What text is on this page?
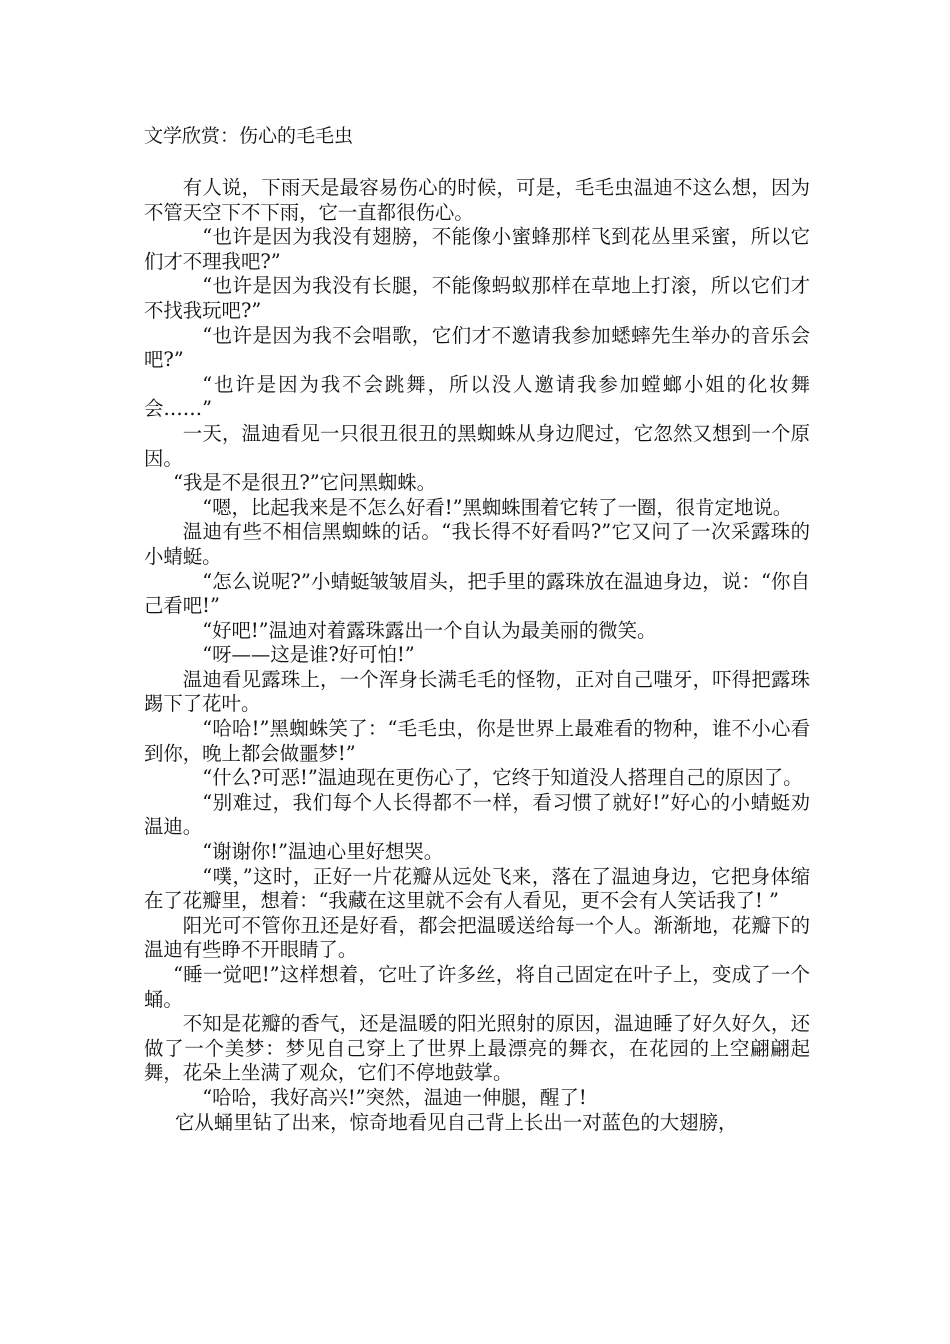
文学欣赏：伤心的毛毛虫

有人说，下雨天是最容易伤心的时候，可是，毛毛虫温迪不这么想，因为不管天空下不下雨，它一直都很伤心。

“也许是因为我没有翅膀，不能像小蜜蜂那样飞到花丛里采蜜，所以它们才不理我吧?”

“也许是因为我没有长腿，不能像蚂蚁那样在草地上打滚，所以它们才不找我玩吧?”

“也许是因为我不会唱歌，它们才不邀请我参加蟋蟀先生举办的音乐会吧?”

“也许是因为我不会跳舞，所以没人邀请我参加螳螂小姐的化妆舞会……”

一天，温迪看见一只很丑很丑的黑蜘蛛从身边爬过，它忽然又想到一个原因。

“我是不是很丑?”它问黑蜘蛛。

“嗯，比起我来是不怎么好看!”黑蜘蛛围着它转了一圈，很肯定地说。

温迪有些不相信黑蜘蛛的话。“我长得不好看吗?”它又问了一次采露珠的小蜻蜓。

“怎么说呢?”小蜻蜓皱皱眉头，把手里的露珠放在温迪身边，说：“你自己看吧!”

“好吧!”温迪对着露珠露出一个自认为最美丽的微笑。

“呀——这是谁?好可怕!”

温迪看见露珠上，一个浑身长满毛毛的怪物，正对自己嗤牙，吓得把露珠踢下了花叶。

“哈哈!”黑蜘蛛笑了：“毛毛虫，你是世界上最难看的物种，谁不小心看到你，晚上都会做噩梦!”

“什么?可恶!”温迪现在更伤心了，它终于知道没人搭理自己的原因了。

“别难过，我们每个人长得都不一样，看习惯了就好!”好心的小蜻蜓劝温迪。

“谢谢你!”温迪心里好想哭。

“噗，”这时，正好一片花瓣从远处飞来，落在了温迪身边，它把身体缩在了花瓣里，想着：“我藏在这里就不会有人看见，更不会有人笑话我了! ”

阳光可不管你丑还是好看，都会把温暖送给每一个人。渐渐地，花瓣下的温迪有些睁不开眼睛了。

“睡一觉吧!”这样想着，它吐了许多丝，将自己固定在叶子上，变成了一个蛹。

不知是花瓣的香气，还是温暖的阳光照射的原因，温迪睡了好久好久，还做了一个美梦：梦见自己穿上了世界上最漂亮的舞衣，在花园的上空翩翩起舞，花朵上坐满了观众，它们不停地鼓掌。

“哈哈，我好高兴!”突然，温迪一伸腿，醒了!

它从蛹里钻了出来，惊奇地看见自己背上长出一对蓝色的大翅膀，
